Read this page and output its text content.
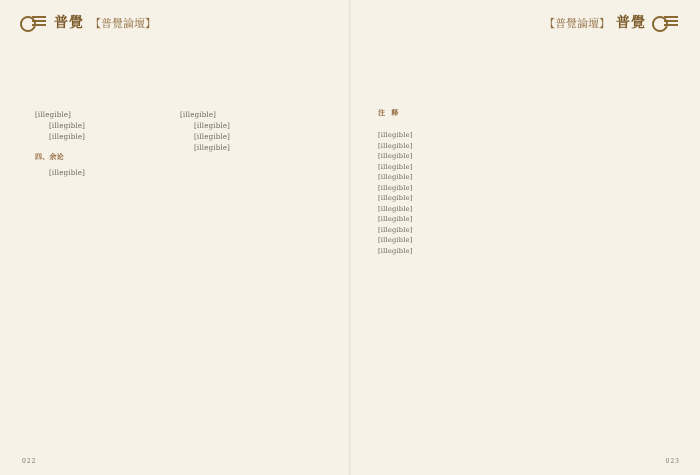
普覺 【普覺論壇】

[illegible]

[illegible]

[illegible]

四、余论

[illegible]

[illegible]

[illegible]

[illegible]

[illegible]

022
【普覺論壇】 普覺
注 释

[illegible]

[illegible]

[illegible]

[illegible]

[illegible]

[illegible]

[illegible]

[illegible]

[illegible]

[illegible]

[illegible]

[illegible]

023
